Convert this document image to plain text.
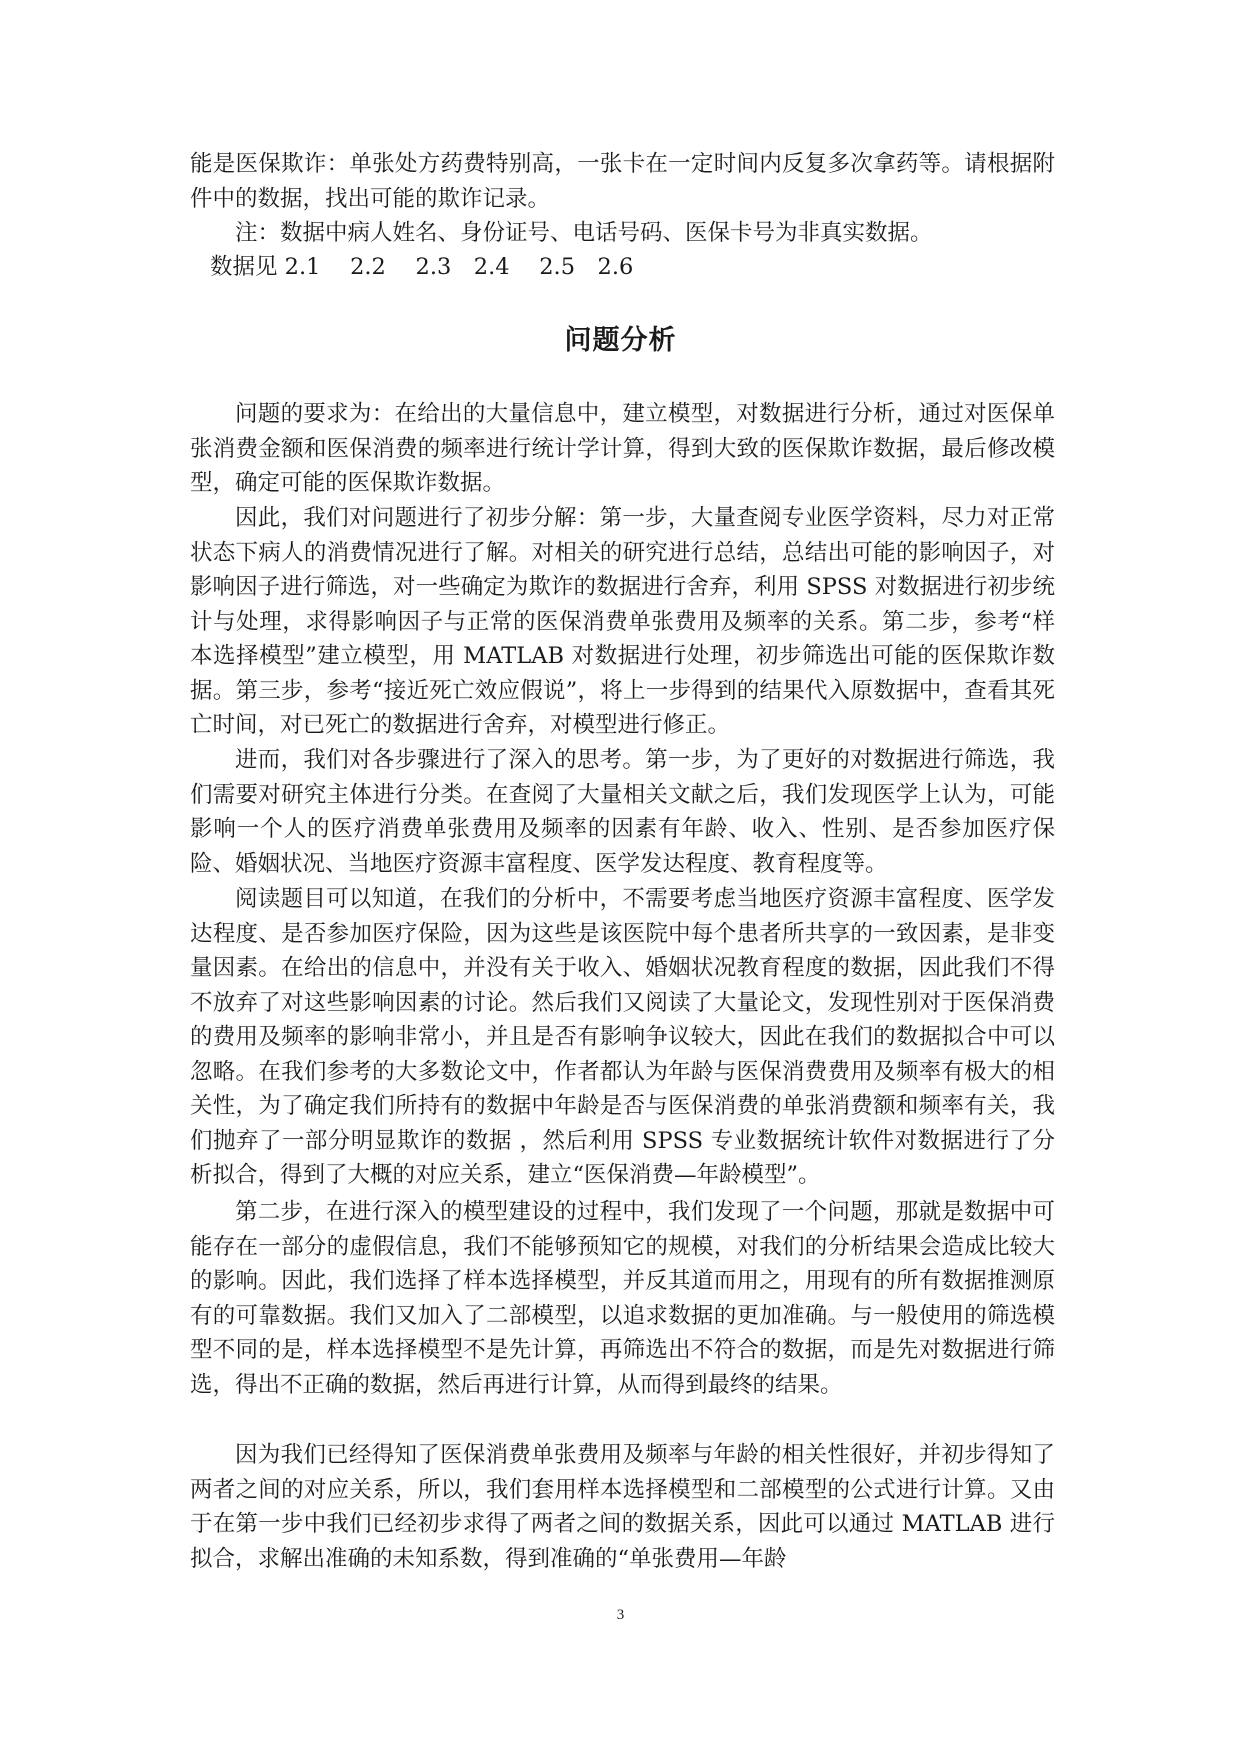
能是医保欺诈：单张处方药费特别高，一张卡在一定时间内反复多次拿药等。请根据附件中的数据，找出可能的欺诈记录。

注：数据中病人姓名、身份证号、电话号码、医保卡号为非真实数据。

数据见 2.1　 2.2 　2.3　2.4 　2.5　2.6

问题分析

问题的要求为：在给出的大量信息中，建立模型，对数据进行分析，通过对医保单张消费金额和医保消费的频率进行统计学计算，得到大致的医保欺诈数据，最后修改模型，确定可能的医保欺诈数据。

因此，我们对问题进行了初步分解：第一步，大量查阅专业医学资料，尽力对正常状态下病人的消费情况进行了解。对相关的研究进行总结，总结出可能的影响因子，对影响因子进行筛选，对一些确定为欺诈的数据进行舍弃，利用 SPSS 对数据进行初步统计与处理，求得影响因子与正常的医保消费单张费用及频率的关系。第二步，参考“样本选择模型”建立模型，用 MATLAB 对数据进行处理，初步筛选出可能的医保欺诈数据。第三步，参考“接近死亡效应假说”，将上一步得到的结果代入原数据中，查看其死亡时间，对已死亡的数据进行舍弃，对模型进行修正。

进而，我们对各步骤进行了深入的思考。第一步，为了更好的对数据进行筛选，我们需要对研究主体进行分类。在查阅了大量相关文献之后，我们发现医学上认为，可能影响一个人的医疗消费单张费用及频率的因素有年龄、收入、性别、是否参加医疗保险、婚姻状况、当地医疗资源丰富程度、医学发达程度、教育程度等。

阅读题目可以知道，在我们的分析中，不需要考虑当地医疗资源丰富程度、医学发达程度、是否参加医疗保险，因为这些是该医院中每个患者所共享的一致因素，是非变量因素。在给出的信息中，并没有关于收入、婚姻状况教育程度的数据，因此我们不得不放弃了对这些影响因素的讨论。然后我们又阅读了大量论文，发现性别对于医保消费的费用及频率的影响非常小，并且是否有影响争议较大，因此在我们的数据拟合中可以忽略。在我们参考的大多数论文中，作者都认为年龄与医保消费费用及频率有极大的相关性，为了确定我们所持有的数据中年龄是否与医保消费的单张消费额和频率有关，我们抛弃了一部分明显欺诈的数据 ，然后利用 SPSS 专业数据统计软件对数据进行了分析拟合，得到了大概的对应关系，建立“医保消费—年龄模型”。

第二步，在进行深入的模型建设的过程中，我们发现了一个问题，那就是数据中可能存在一部分的虚假信息，我们不能够预知它的规模，对我们的分析结果会造成比较大的影响。因此，我们选择了样本选择模型，并反其道而用之，用现有的所有数据推测原有的可靠数据。我们又加入了二部模型，以追求数据的更加准确。与一般使用的筛选模型不同的是，样本选择模型不是先计算，再筛选出不符合的数据，而是先对数据进行筛选，得出不正确的数据，然后再进行计算，从而得到最终的结果。

因为我们已经得知了医保消费单张费用及频率与年龄的相关性很好，并初步得知了两者之间的对应关系，所以，我们套用样本选择模型和二部模型的公式进行计算。又由于在第一步中我们已经初步求得了两者之间的数据关系，因此可以通过 MATLAB 进行拟合，求解出准确的未知系数，得到准确的“单张费用—年龄

3
